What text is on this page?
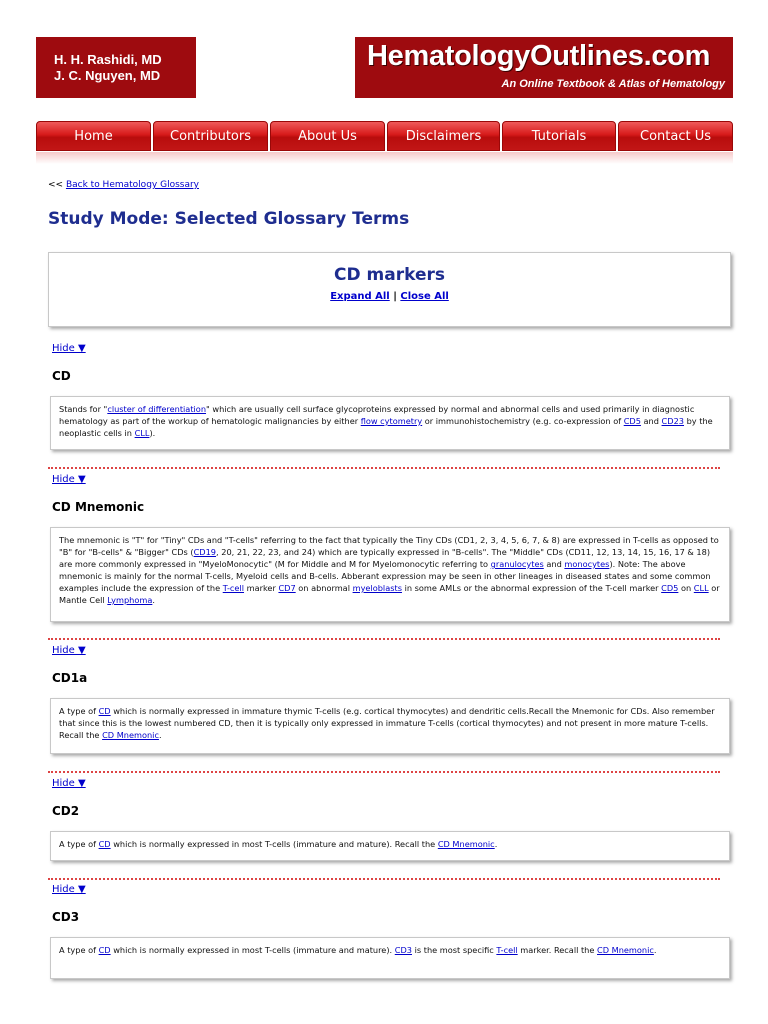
H. H. Rashidi, MD
J. C. Nguyen, MD
HematologyOutlines.com
An Online Textbook & Atlas of Hematology
Home	Contributors	About Us	Disclaimers	Tutorials	Contact Us
<< Back to Hematology Glossary
Study Mode: Selected Glossary Terms
CD markers
Expand All | Close All
Hide ▼
CD
Stands for "cluster of differentiation" which are usually cell surface glycoproteins expressed by normal and abnormal cells and used primarily in diagnostic hematology as part of the workup of hematologic malignancies by either flow cytometry or immunohistochemistry (e.g. co-expression of CD5 and CD23 by the neoplastic cells in CLL).
Hide ▼
CD Mnemonic
The mnemonic is "T" for "Tiny" CDs and "T-cells" referring to the fact that typically the Tiny CDs (CD1, 2, 3, 4, 5, 6, 7, & 8) are expressed in T-cells as opposed to "B" for "B-cells" & "Bigger" CDs (CD19, 20, 21, 22, 23, and 24) which are typically expressed in "B-cells". The "Middle" CDs (CD11, 12, 13, 14, 15, 16, 17 & 18) are more commonly expressed in "MyeloMonocytic" (M for Middle and M for Myelomonocytic referring to granulocytes and monocytes). Note: The above mnemonic is mainly for the normal T-cells, Myeloid cells and B-cells. Abberant expression may be seen in other lineages in diseased states and some common examples include the expression of the T-cell marker CD7 on abnormal myeloblasts in some AMLs or the abnormal expression of the T-cell marker CD5 on CLL or Mantle Cell Lymphoma.
Hide ▼
CD1a
A type of CD which is normally expressed in immature thymic T-cells (e.g. cortical thymocytes) and dendritic cells.Recall the Mnemonic for CDs. Also remember that since this is the lowest numbered CD, then it is typically only expressed in immature T-cells (cortical thymocytes) and not present in more mature T-cells. Recall the CD Mnemonic.
Hide ▼
CD2
A type of CD which is normally expressed in most T-cells (immature and mature). Recall the CD Mnemonic.
Hide ▼
CD3
A type of CD which is normally expressed in most T-cells (immature and mature). CD3 is the most specific T-cell marker. Recall the CD Mnemonic.
